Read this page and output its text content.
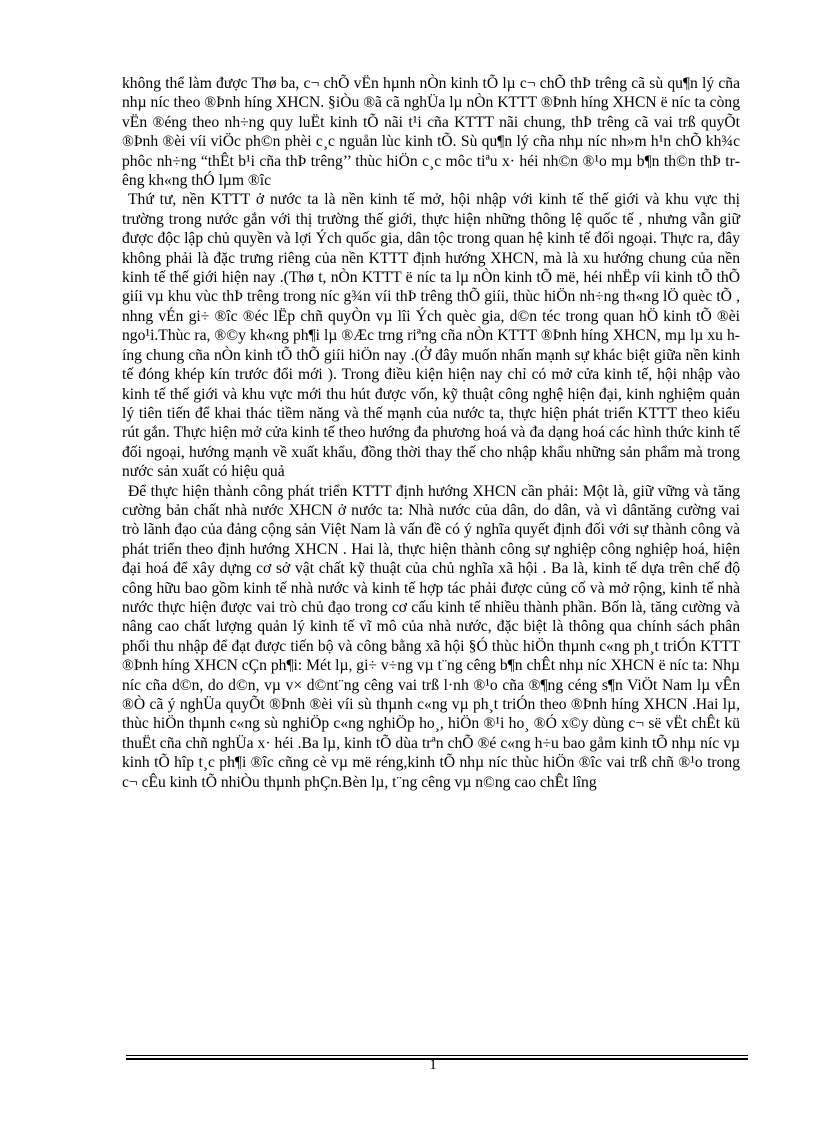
không thể làm được Thø ba, c¬ chÕ vËn hµnh nÒn kinh tÕ lµ c¬ chÕ thÞ trêng cã sù qu¶n lý cña nhµ níc theo ®Þnh híng XHCN. §iÒu ®ã cã nghÜa lµ nÒn KTTT ®Þnh híng XHCN ë níc ta còng vËn ®éng theo nh÷ng quy luËt kinh tÕ nãi t¹i cña KTTT nãi chung, thÞ trêng cã vai trß quyÕt ®Þnh ®èi víi viÖc ph©n phèi c¸c nguån lùc kinh tÕ. Sù qu¶n lý cña nhµ níc nh»m h¹n chÕ kh¾c phôc nh÷ng “thÊt b¹i cña thÞ trêng’’ thùc hiÖn c¸c môc tiªu x· héi nh©n ®¹o mµ b¶n th©n thÞ trêng kh«ng thÓ lµm ®îc

Thứ tư, nền KTTT ở nước ta là nền kinh tế mở, hội nhập với kinh tế thế giới và khu vực thị trường trong nước gắn với thị trường thế giới, thực hiện những thông lệ quốc tế , nhưng vẫn giữ được độc lập chủ quyền và lợi Ých quốc gia, dân tộc trong quan hệ kinh tế đối ngoại. Thực ra, đây không phải là đặc trưng riêng của nền KTTT định hướng XHCN, mà là xu hướng chung của nền kinh tế thế giới hiện nay .(Thø t, nÒn KTTT ë níc ta lµ nÒn kinh tÕ më, héi nhËp víi kinh tÕ thÕ giíi vµ khu vùc thÞ trêng trong níc g¾n víi thÞ trêng thÕ giíi, thùc hiÖn nh÷ng th«ng lÖ quèc tÕ , nhng vÉn gi÷ ®îc ®éc lËp chñ quyÒn vµ lîi Ých quèc gia, d©n téc trong quan hÖ kinh tÕ ®èi ngo¹i.Thùc ra, ®©y kh«ng ph¶i lµ ®Æc trng riªng cña nÒn KTTT ®Þnh híng XHCN, mµ lµ xu híng chung cña nÒn kinh tÕ thÕ giíi hiÖn nay .(Ở đây muốn nhấn mạnh sự khác biệt giữa nền kinh tế đóng khép kín trước đổi mới ). Trong điều kiện hiện nay chỉ có mở cửa kinh tế, hội nhập vào kinh tế thế giới và khu vực mới thu hút được vốn, kỹ thuật công nghệ hiện đại, kinh nghiệm quản lý tiên tiến để khai thác tiềm năng và thế mạnh của nước ta, thực hiện phát triển KTTT theo kiểu rút gắn. Thực hiện mở cửa kinh tế theo hướng đa phương hoá và đa dạng hoá các hình thức kinh tế đối ngoại, hướng mạnh về xuất khẩu, đồng thời thay thế cho nhập khẩu những sản phẩm mà trong nước sản xuất có hiệu quả

Để thực hiện thành công phát triển KTTT định hướng XHCN cần phải: Một là, giữ vững và tăng cường bản chất nhà nước XHCN ở nước ta: Nhà nước của dân, do dân, và vì dântăng cường vai trò lãnh đạo của đảng cộng sản Việt Nam là vấn đề có ý nghĩa quyết định đối với sự thành công và phát triển theo định hướng XHCN . Hai là, thực hiện thành công sự nghiệp công nghiệp hoá, hiện đại hoá để xây dựng cơ sở vật chất kỹ thuật của chủ nghĩa xã hội . Ba là, kinh tế dựa trên chế độ công hữu bao gồm kinh tế nhà nước và kinh tế hợp tác phải được củng cố và mở rộng, kinh tế nhà nước thực hiện được vai trò chủ đạo trong cơ cấu kinh tế nhiều thành phần. Bốn là, tăng cường và nâng cao chất lượng quản lý kinh tế vĩ mô của nhà nước, đặc biệt là thông qua chính sách phân phối thu nhập để đạt được tiến bộ và công bằng xã hội §Ó thùc hiÖn thµnh c«ng ph¸t triÓn KTTT ®Þnh híng XHCN cÇn ph¶i: Mét lµ, gi÷ v÷ng vµ t¨ng cêng b¶n chÊt nhµ níc XHCN ë níc ta: Nhµ níc cña d©n, do d©n, vµ v× d©nt¨ng cêng vai trß l·nh ®¹o cña ®¶ng céng s¶n ViÖt Nam lµ vÊn ®Ò cã ý nghÜa quyÕt ®Þnh ®èi víi sù thµnh c«ng vµ ph¸t triÓn theo ®Þnh híng XHCN .Hai lµ, thùc hiÖn thµnh c«ng sù nghiÖp c«ng nghiÖp ho¸, hiÖn ®¹i ho¸ ®Ó x©y dùng c¬ së vËt chÊt kü thuËt cña chñ nghÜa x· héi .Ba lµ, kinh tÕ dùa trªn chÕ ®é c«ng h÷u bao gåm kinh tÕ nhµ níc vµ kinh tÕ hîp t¸c ph¶i ®îc cñng cè vµ më réng,kinh tÕ nhµ níc thùc hiÖn ®îc vai trß chñ ®¹o trong c¬ cÊu kinh tÕ nhiÒu thµnh phÇn.Bèn lµ, t¨ng cêng vµ n©ng cao chÊt lîng

1
